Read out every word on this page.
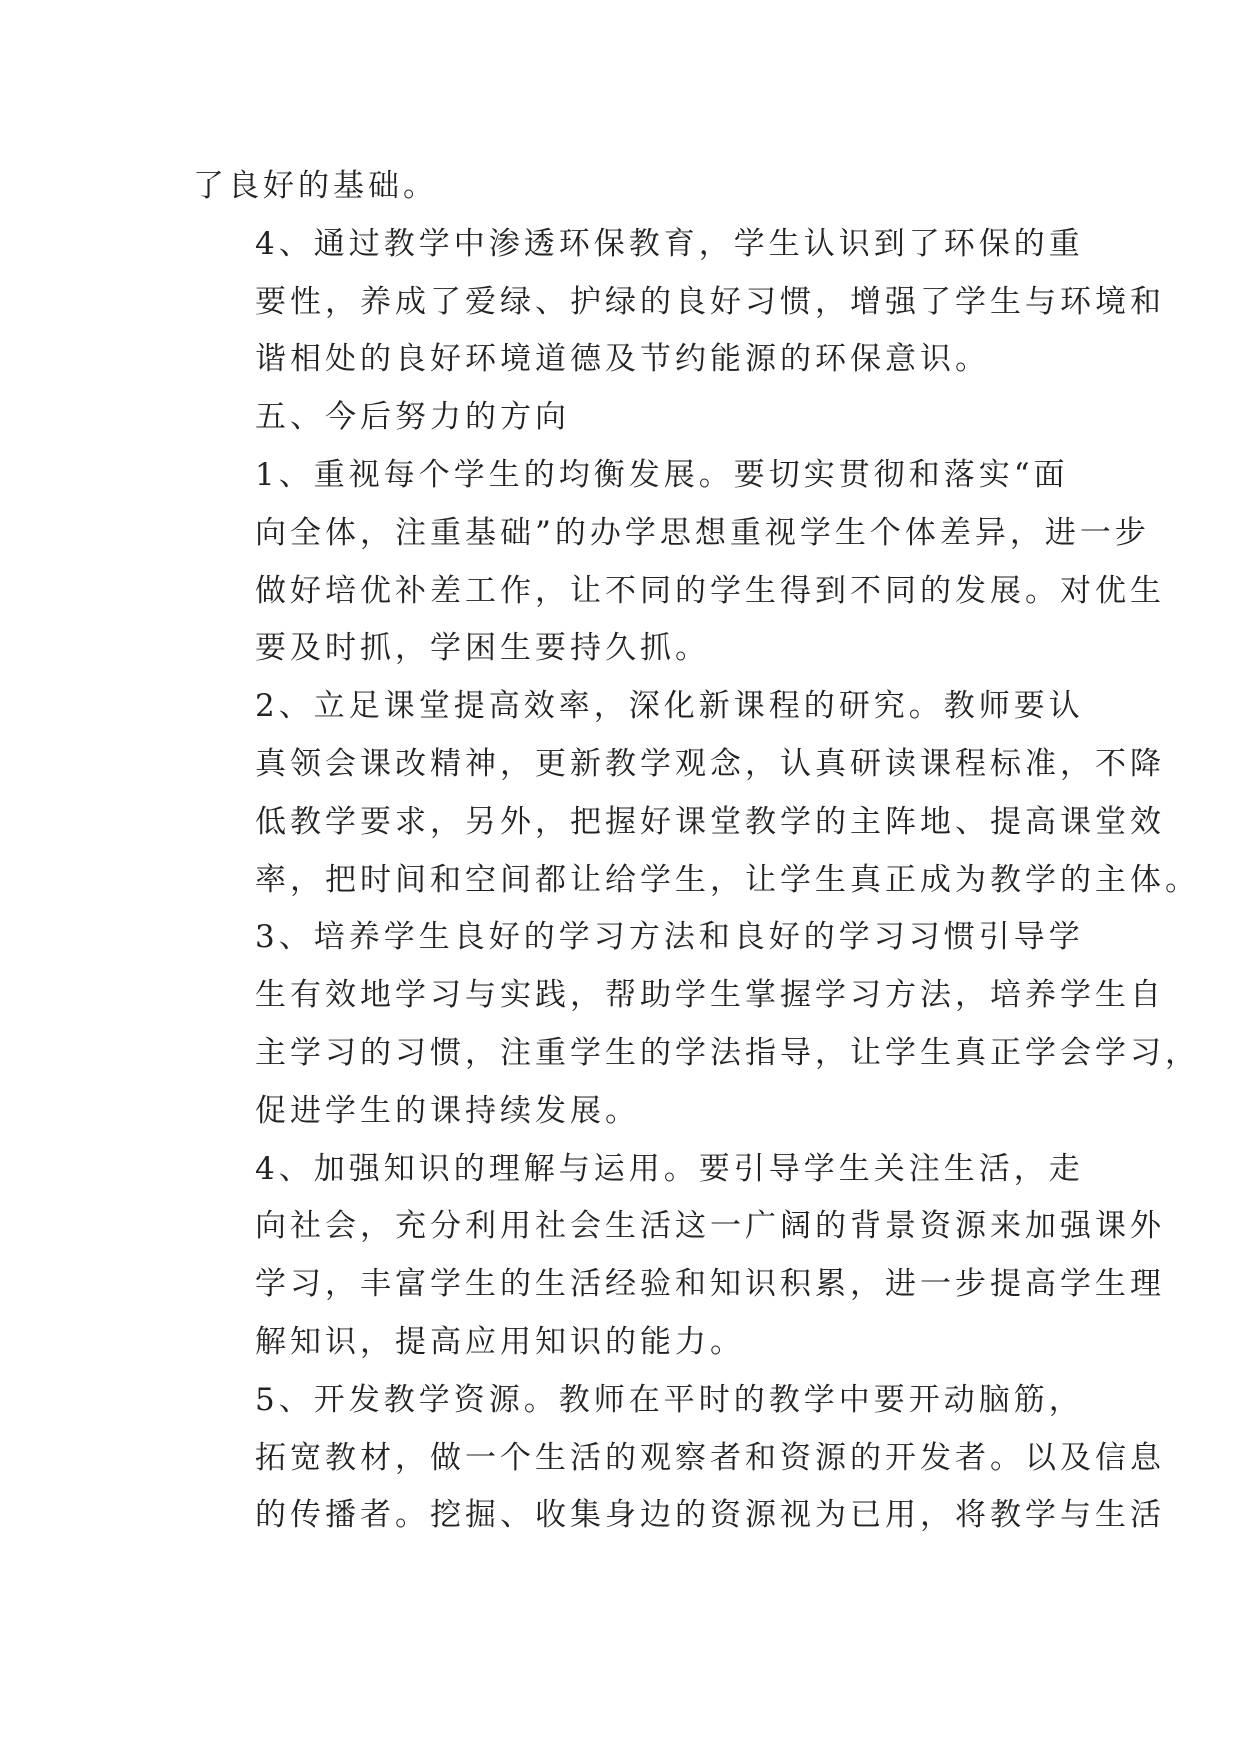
了良好的基础。

4、通过教学中渗透环保教育，学生认识到了环保的重
要性，养成了爱绿、护绿的良好习惯，增强了学生与环境和
谐相处的良好环境道德及节约能源的环保意识。

五、今后努力的方向

1、重视每个学生的均衡发展。要切实贯彻和落实“面
向全体，注重基础”的办学思想重视学生个体差异，进一步
做好培优补差工作，让不同的学生得到不同的发展。对优生
要及时抓，学困生要持久抓。

2、立足课堂提高效率，深化新课程的研究。教师要认
真领会课改精神，更新教学观念，认真研读课程标准，不降
低教学要求，另外，把握好课堂教学的主阵地、提高课堂效
率，把时间和空间都让给学生，让学生真正成为教学的主体。

3、培养学生良好的学习方法和良好的学习习惯引导学
生有效地学习与实践，帮助学生掌握学习方法，培养学生自
主学习的习惯，注重学生的学法指导，让学生真正学会学习，
促进学生的课持续发展。

4、加强知识的理解与运用。要引导学生关注生活，走
向社会，充分利用社会生活这一广阔的背景资源来加强课外
学习，丰富学生的生活经验和知识积累，进一步提高学生理
解知识，提高应用知识的能力。

5、开发教学资源。教师在平时的教学中要开动脑筋，
拓宽教材，做一个生活的观察者和资源的开发者。以及信息
的传播者。挖掘、收集身边的资源视为已用，将教学与生活
